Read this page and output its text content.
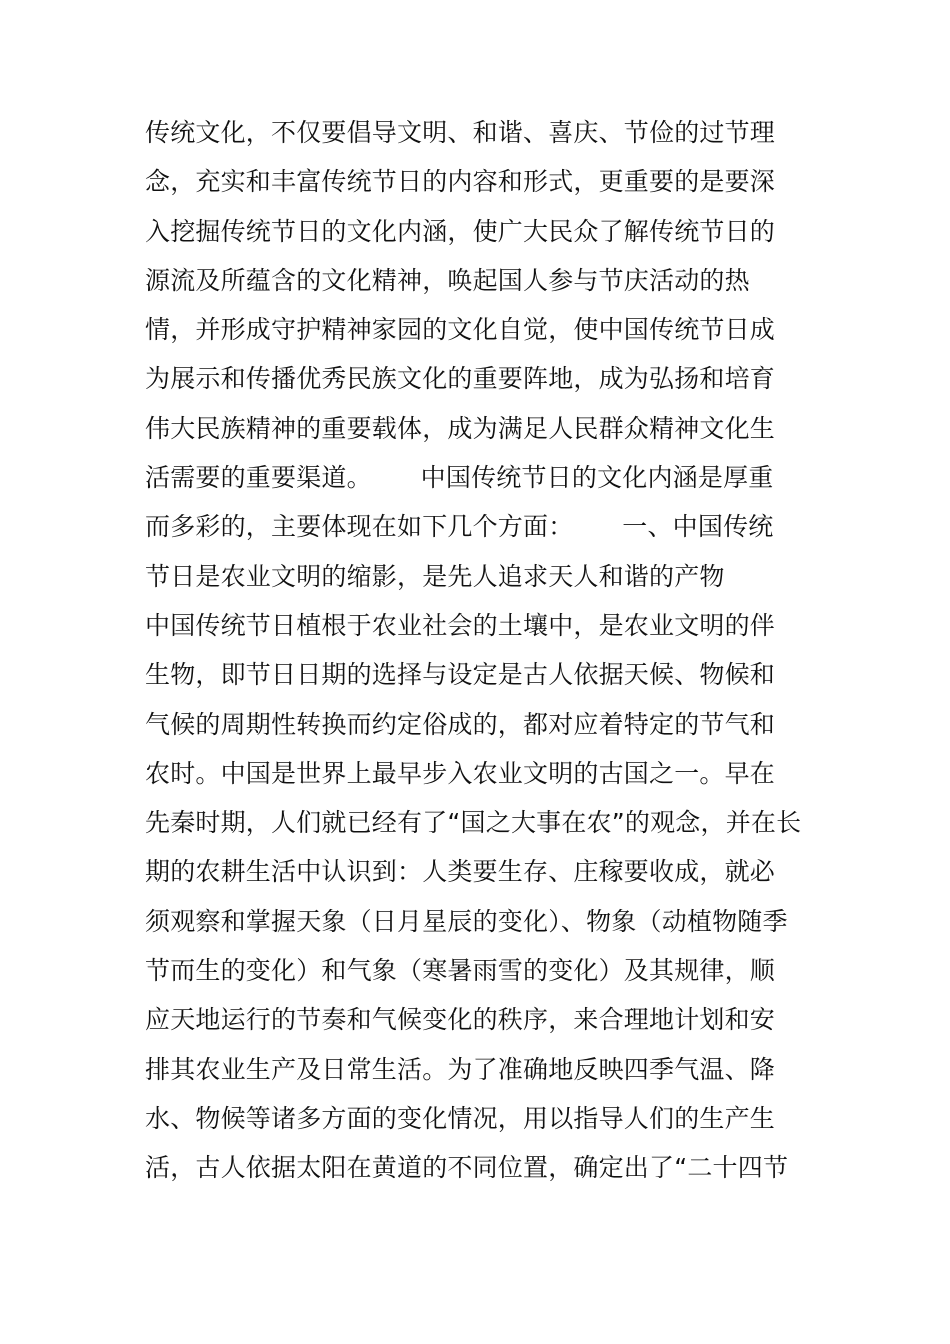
传统文化，不仅要倡导文明、和谐、喜庆、节俭的过节理
念，充实和丰富传统节日的内容和形式，更重要的是要深
入挖掘传统节日的文化内涵，使广大民众了解传统节日的
源流及所蕴含的文化精神，唤起国人参与节庆活动的热
情，并形成守护精神家园的文化自觉，使中国传统节日成
为展示和传播优秀民族文化的重要阵地，成为弘扬和培育
伟大民族精神的重要载体，成为满足人民群众精神文化生
活需要的重要渠道。      中国传统节日的文化内涵是厚重
而多彩的，主要体现在如下几个方面：      一、中国传统
节日是农业文明的缩影，是先人追求天人和谐的产物
中国传统节日植根于农业社会的土壤中，是农业文明的伴
生物，即节日日期的选择与设定是古人依据天候、物候和
气候的周期性转换而约定俗成的，都对应着特定的节气和
农时。中国是世界上最早步入农业文明的古国之一。早在
先秦时期，人们就已经有了“国之大事在农”的观念，并在长
期的农耕生活中认识到：人类要生存、庄稼要收成，就必
须观察和掌握天象（日月星辰的变化）、物象（动植物随季
节而生的变化）和气象（寒暑雨雪的变化）及其规律，顺
应天地运行的节奏和气候变化的秩序，来合理地计划和安
排其农业生产及日常生活。为了准确地反映四季气温、降
水、物候等诸多方面的变化情况，用以指导人们的生产生
活，古人依据太阳在黄道的不同位置，确定出了“二十四节
